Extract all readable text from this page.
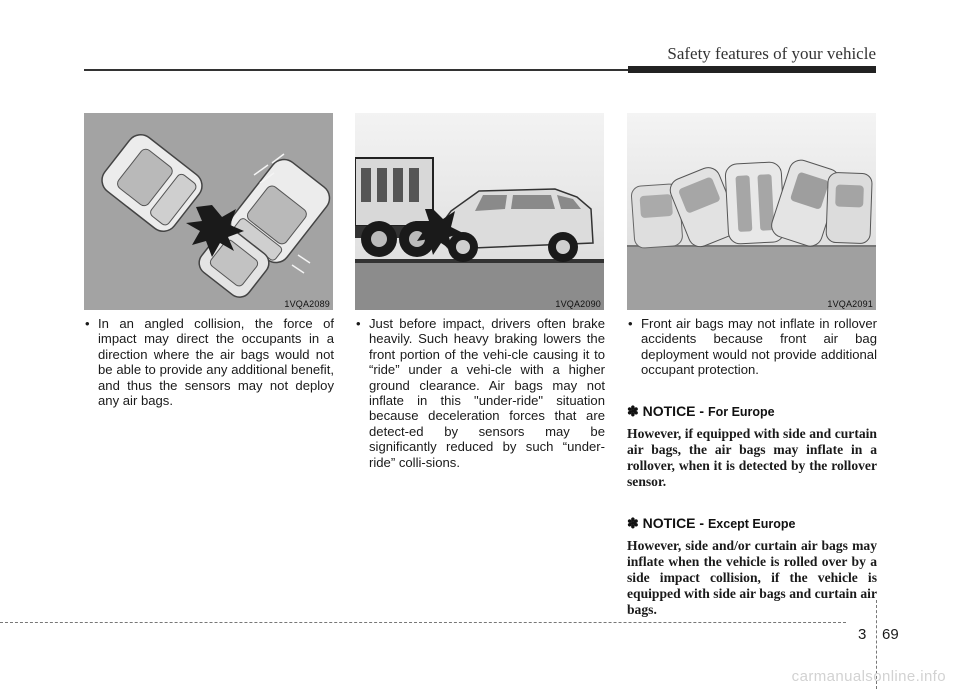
Safety features of your vehicle
1VQA2089	1VQA2090	1VQA2091

• In an angled collision, the force of impact may direct the occupants in a direction where the air bags would not be able to provide any additional benefit, and thus the sensors may not deploy any air bags.

• Just before impact, drivers often brake heavily. Such heavy braking lowers the front portion of the vehi-cle causing it to “ride” under a vehi-cle with a higher ground clearance. Air bags may not inflate in this "under-ride" situation because deceleration forces that are detect-ed by sensors may be significantly reduced by such “under-ride” colli-sions.

• Front air bags may not inflate in rollover accidents because front air bag deployment would not provide additional occupant protection.

✽ NOTICE - For Europe

However, if equipped with side and curtain air bags, the air bags may inflate in a rollover, when it is detected by the rollover sensor.

✽ NOTICE - Except Europe

However, side and/or curtain air bags may inflate when the vehicle is rolled over by a side impact collision, if the vehicle is equipped with side air bags and curtain air bags.

3 69
carmanualsonline.info
